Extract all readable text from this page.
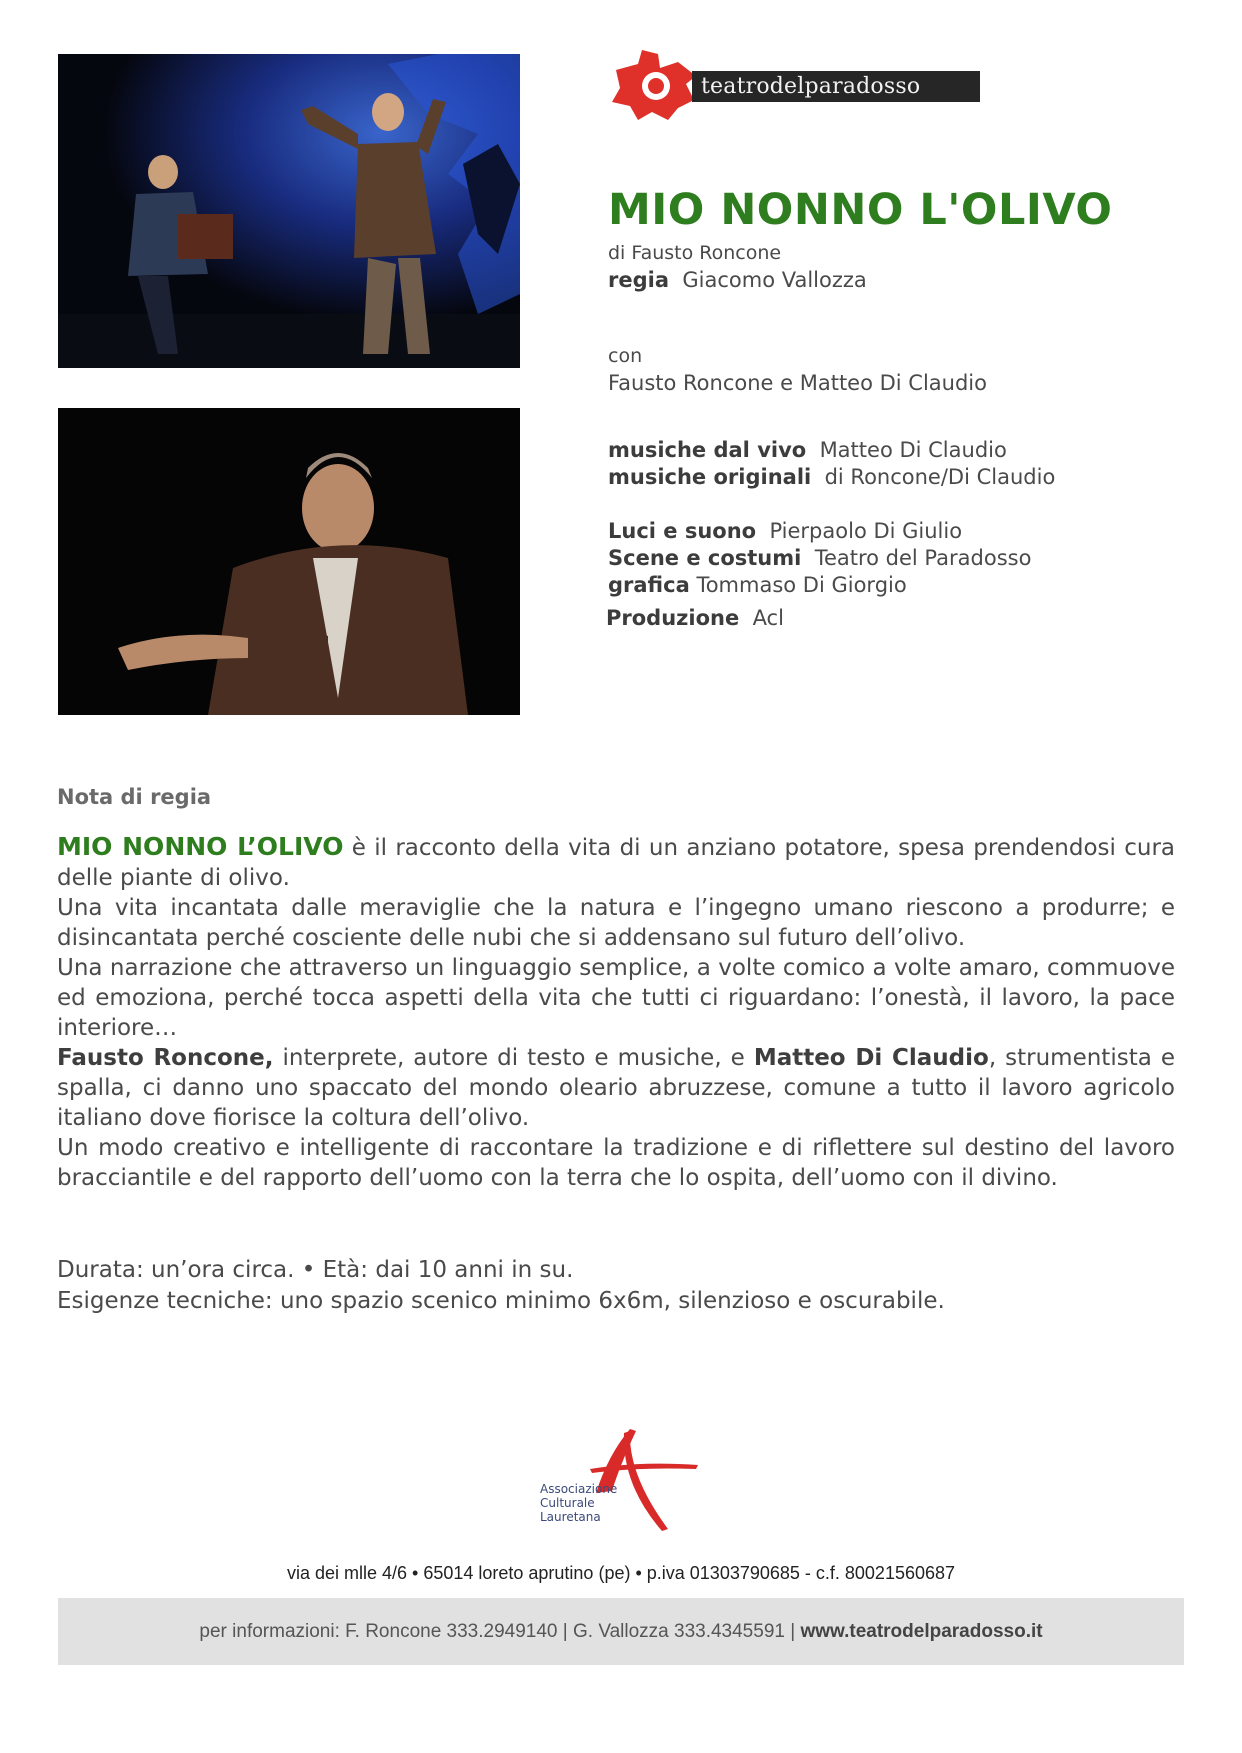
teatrodelparadosso
MIO NONNO L'OLIVO
di Fausto Roncone
regia Giacomo Vallozza
con
Fausto Roncone e Matteo Di Claudio
musiche dal vivo Matteo Di Claudio
musiche originali di Roncone/Di Claudio
Luci e suono Pierpaolo Di Giulio
Scene e costumi Teatro del Paradosso
grafica Tommaso Di Giorgio
Produzione Acl
Nota di regia

MIO NONNO L’OLIVO è il racconto della vita di un anziano potatore, spesa prendendosi cura delle piante di olivo.

Una vita incantata dalle meraviglie che la natura e l’ingegno umano riescono a produrre; e disincantata perché cosciente delle nubi che si addensano sul futuro dell’olivo.

Una narrazione che attraverso un linguaggio semplice, a volte comico a volte amaro, commuove ed emoziona, perché tocca aspetti della vita che tutti ci riguardano: l’onestà, il lavoro, la pace interiore…

Fausto Roncone, interprete, autore di testo e musiche, e Matteo Di Claudio, strumentista e spalla, ci danno uno spaccato del mondo oleario abruzzese, comune a tutto il lavoro agricolo italiano dove fiorisce la coltura dell’olivo.

Un modo creativo e intelligente di raccontare la tradizione e di riflettere sul destino del lavoro bracciantile e del rapporto dell’uomo con la terra che lo ospita, dell’uomo con il divino.

Durata: un’ora circa. • Età: dai 10 anni in su.
Esigenze tecniche: uno spazio scenico minimo 6x6m, silenzioso e oscurabile.
Associazione
Culturale
Lauretana
via dei mlle 4/6 • 65014 loreto aprutino (pe) • p.iva 01303790685 - c.f. 80021560687
per informazioni: F. Roncone 333.2949140 | G. Vallozza 333.4345591 | www.teatrodelparadosso.it
